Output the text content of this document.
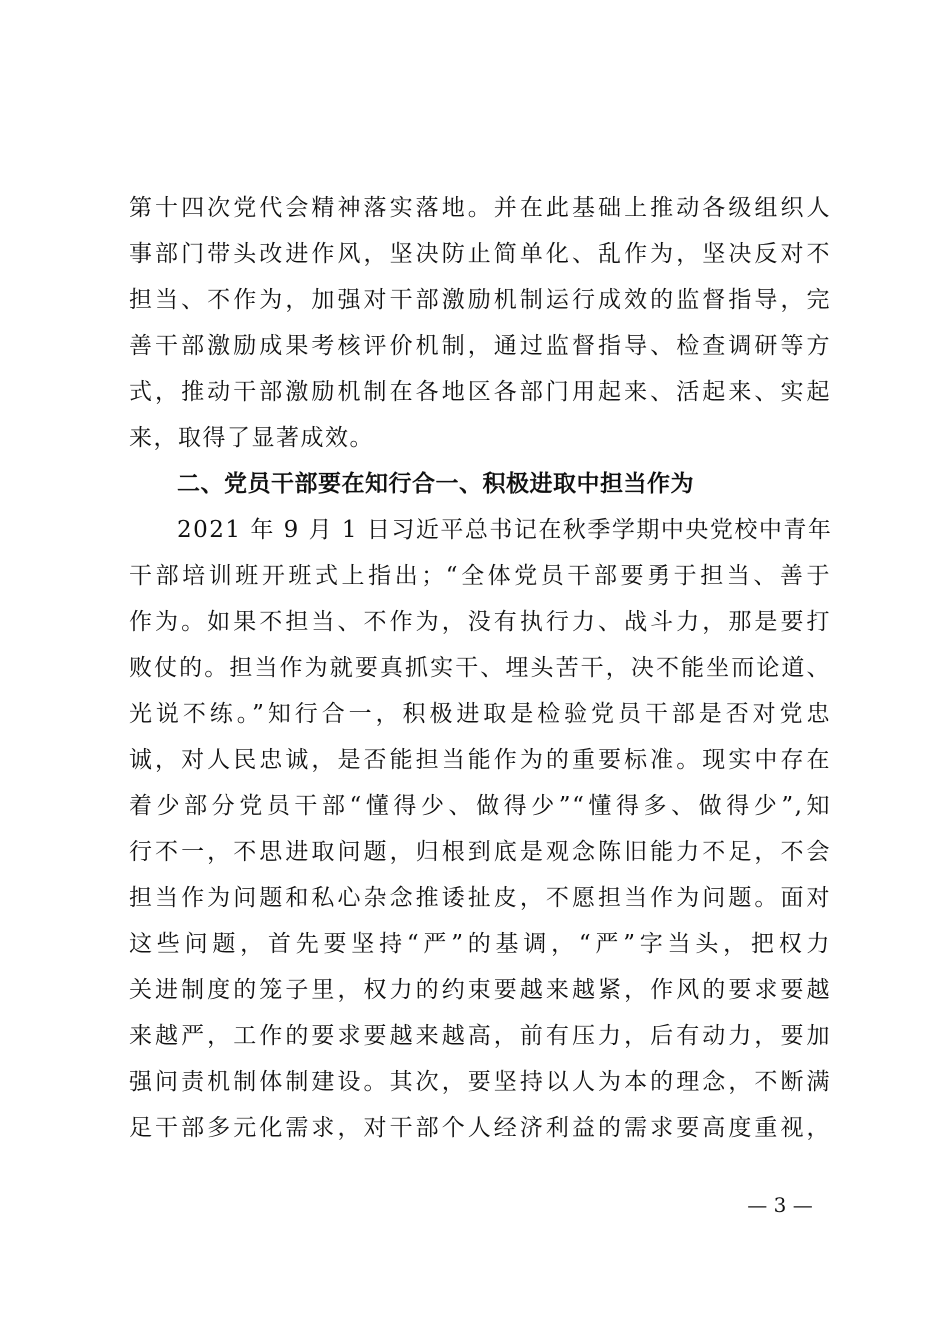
第十四次党代会精神落实落地。并在此基础上推动各级组织人
事部门带头改进作风，坚决防止简单化、乱作为，坚决反对不
担当、不作为，加强对干部激励机制运行成效的监督指导，完
善干部激励成果考核评价机制，通过监督指导、检查调研等方
式，推动干部激励机制在各地区各部门用起来、活起来、实起
来，取得了显著成效。
二、党员干部要在知行合一、积极进取中担当作为
2021 年 9 月 1 日习近平总书记在秋季学期中央党校中青年
干部培训班开班式上指出；“全体党员干部要勇于担当、善于
作为。如果不担当、不作为，没有执行力、战斗力，那是要打
败仗的。担当作为就要真抓实干、埋头苦干，决不能坐而论道、
光说不练。”知行合一，积极进取是检验党员干部是否对党忠
诚，对人民忠诚，是否能担当能作为的重要标准。现实中存在
着少部分党员干部“懂得少、做得少”“懂得多、做得少”,知
行不一，不思进取问题，归根到底是观念陈旧能力不足，不会
担当作为问题和私心杂念推诿扯皮，不愿担当作为问题。面对
这些问题，首先要坚持“严”的基调，“严”字当头，把权力
关进制度的笼子里，权力的约束要越来越紧，作风的要求要越
来越严，工作的要求要越来越高，前有压力，后有动力，要加
强问责机制体制建设。其次，要坚持以人为本的理念，不断满
足干部多元化需求，对干部个人经济利益的需求要高度重视，
— 3 —
